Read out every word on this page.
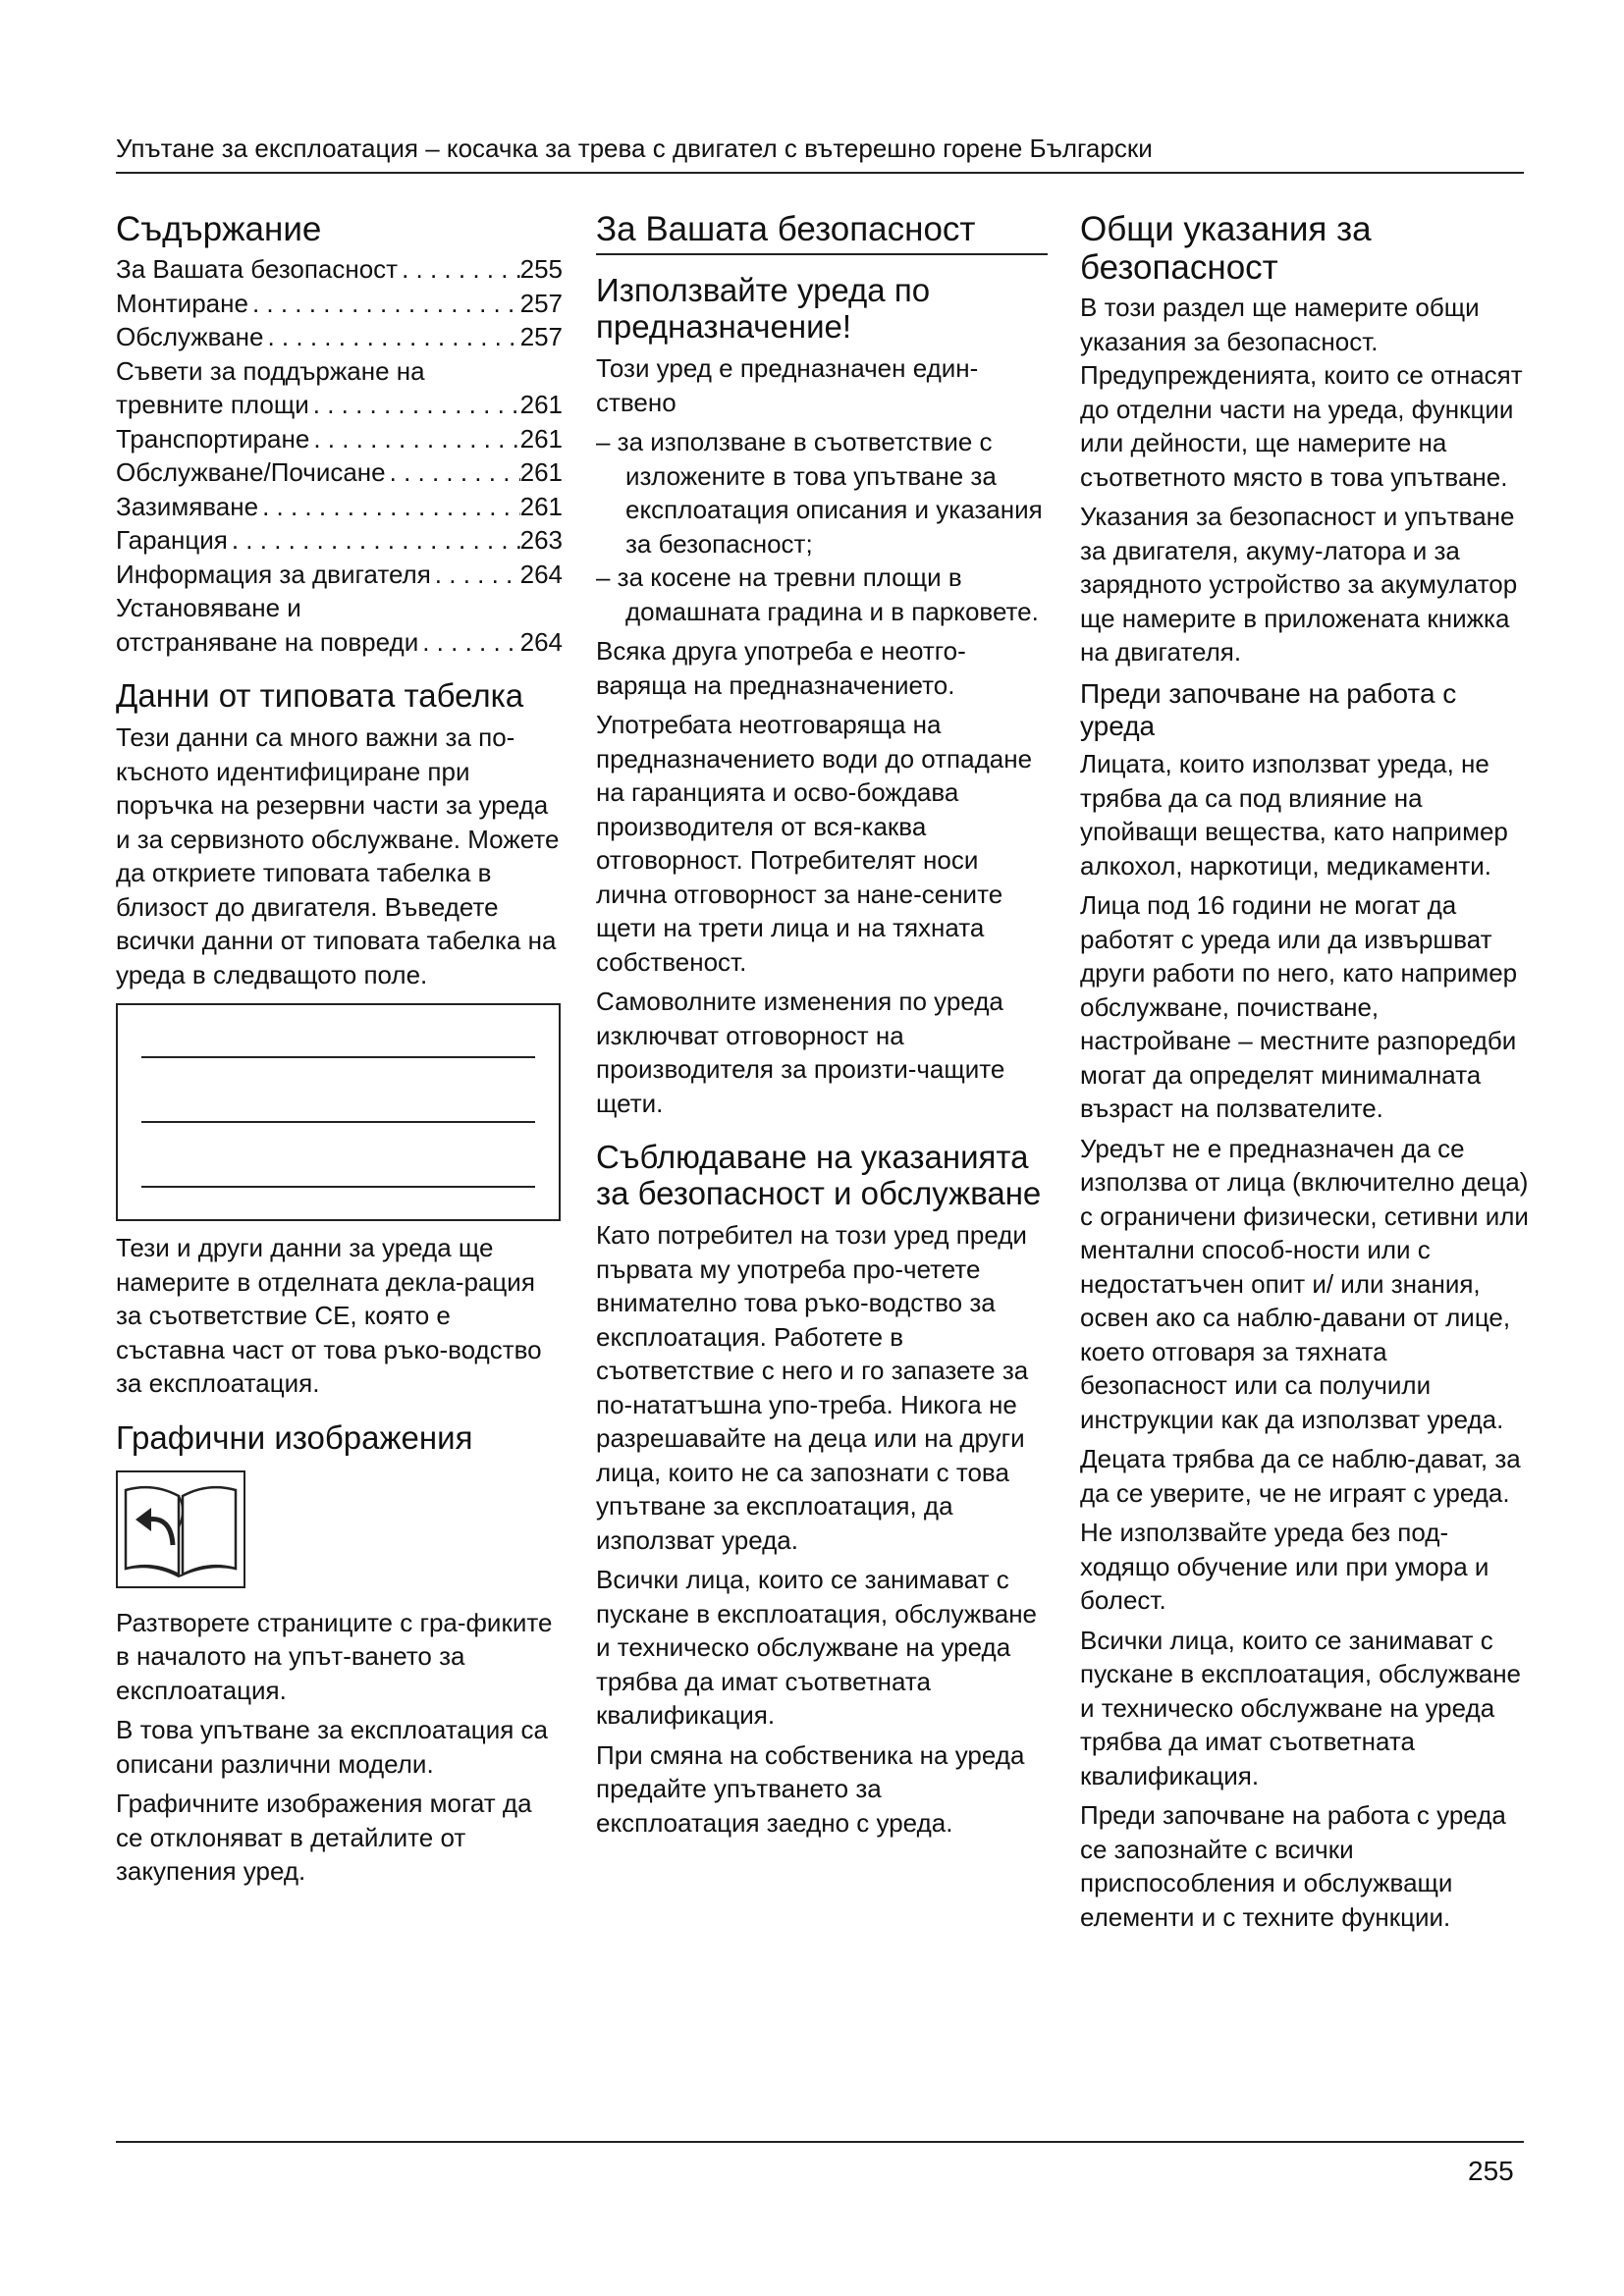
Упътане за експлоатация – косачка за трева с двигател с вътерешно горене Български
Съдържание
За Вашата безопасност . . .	255
Монтиране . . .	257
Обслужване . . .	257
Съвети за поддържане на
тревните площи . . .	261
Транспортиране . . .	261
Обслужване/Почисане . . .	261
Зазимяване . . .	261
Гаранция . . .	263
Информация за двигателя . . .	264
Установяване и
отстраняване на повреди . . .	264
Данни от типовата табелка

Тези данни са много важни за по-късното идентифициране при поръчка на резервни части за уреда и за сервизното обслужване. Можете да откриете типовата табелка в близост до двигателя. Въведете всички данни от типовата табелка на уреда в следващото поле.

Тези и други данни за уреда ще намерите в отделната декла-рация за съответствие CE, която е съставна част от това ръко-водство за експлоатация.

Графични изображения

Разтворете страниците с гра-фиките в началото на упът-ването за експлоатация.

В това упътване за експлоатация са описани различни модели.

Графичните изображения могат да се отклоняват в детайлите от закупения уред.

За Вашата безопасност
Използвайте уреда по предназначение!

Този уред е предназначен един-ствено

– за използване в съответствие с изложените в това упътване за експлоатация описания и указания за безопасност;
– за косене на тревни площи в домашната градина и в парковете.

Всяка друга употреба е неотго-варяща на предназначението.

Употребата неотговаряща на предназначението води до отпадане на гаранцията и осво-бождава производителя от вся-каква отговорност. Потребителят носи лична отговорност за нане-сените щети на трети лица и на тяхната собственост.

Самоволните изменения по уреда изключват отговорност на производителя за произти-чащите щети.

Съблюдаване на указанията за безопасност и обслужване

Като потребител на този уред преди първата му употреба про-четете внимателно това ръко-водство за експлоатация. Работете в съответствие с него и го запазете за по-нататъшна упо-треба. Никога не разрешавайте на деца или на други лица, които не са запознати с това упътване за експлоатация, да използват уреда.

Всички лица, които се занимават с пускане в експлоатация, обслужване и техническо обслужване на уреда трябва да имат съответната квалификация.

При смяна на собственика на уреда предайте упътването за експлоатация заедно с уреда.

Общи указания за безопасност

В този раздел ще намерите общи указания за безопасност. Предупрежденията, които се отнасят до отделни части на уреда, функции или дейности, ще намерите на съответното място в това упътване.

Указания за безопасност и упътване за двигателя, акуму-латора и за зарядното устройство за акумулатор ще намерите в приложената книжка на двигателя.

Преди започване на работа с уреда

Лицата, които използват уреда, не трябва да са под влияние на упойващи вещества, като например алкохол, наркотици, медикаменти.

Лица под 16 години не могат да работят с уреда или да извършват други работи по него, като например обслужване, почистване, настройване – местните разпоредби могат да определят минималната възраст на ползвателите.

Уредът не е предназначен да се използва от лица (включително деца) с ограничени физически, сетивни или ментални способ-ности или с недостатъчен опит и/ или знания, освен ако са наблю-давани от лице, което отговаря за тяхната безопасност или са получили инструкции как да използват уреда.

Децата трябва да се наблю-дават, за да се уверите, че не играят с уреда.

Не използвайте уреда без под-ходящо обучение или при умора и болест.

Всички лица, които се занимават с пускане в експлоатация, обслужване и техническо обслужване на уреда трябва да имат съответната квалификация.

Преди започване на работа с уреда се запознайте с всички приспособления и обслужващи елементи и с техните функции.

255
